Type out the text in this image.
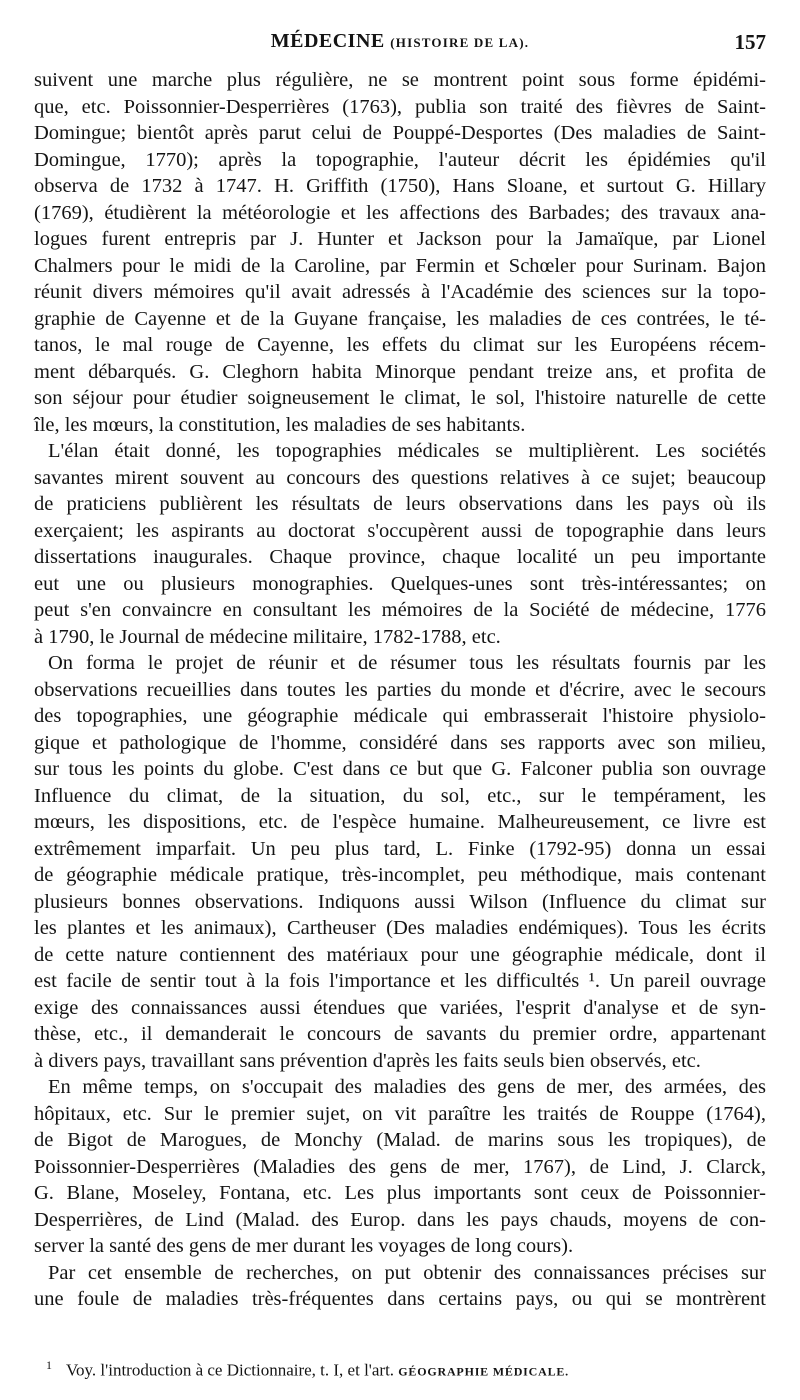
MÉDECINE (HISTOIRE DE LA).	157

suivent une marche plus régulière, ne se montrent point sous forme épidémi-
que, etc. Poissonnier-Desperrières (1763), publia son traité des fièvres de Saint-
Domingue; bientôt après parut celui de Pouppé-Desportes (Des maladies de Saint-
Domingue, 1770); après la topographie, l'auteur décrit les épidémies qu'il
observa de 1732 à 1747. H. Griffith (1750), Hans Sloane, et surtout G. Hillary
(1769), étudièrent la météorologie et les affections des Barbades; des travaux ana-
logues furent entrepris par J. Hunter et Jackson pour la Jamaïque, par Lionel
Chalmers pour le midi de la Caroline, par Fermin et Schœler pour Surinam. Bajon
réunit divers mémoires qu'il avait adressés à l'Académie des sciences sur la topo-
graphie de Cayenne et de la Guyane française, les maladies de ces contrées, le té-
tanos, le mal rouge de Cayenne, les effets du climat sur les Européens récem-
ment débarqués. G. Cleghorn habita Minorque pendant treize ans, et profita de
son séjour pour étudier soigneusement le climat, le sol, l'histoire naturelle de cette
île, les mœurs, la constitution, les maladies de ses habitants.

L'élan était donné, les topographies médicales se multiplièrent. Les sociétés
savantes mirent souvent au concours des questions relatives à ce sujet; beaucoup
de praticiens publièrent les résultats de leurs observations dans les pays où ils
exerçaient; les aspirants au doctorat s'occupèrent aussi de topographie dans leurs
dissertations inaugurales. Chaque province, chaque localité un peu importante
eut une ou plusieurs monographies. Quelques-unes sont très-intéressantes; on
peut s'en convaincre en consultant les mémoires de la Société de médecine, 1776
à 1790, le Journal de médecine militaire, 1782-1788, etc.

On forma le projet de réunir et de résumer tous les résultats fournis par les
observations recueillies dans toutes les parties du monde et d'écrire, avec le secours
des topographies, une géographie médicale qui embrasserait l'histoire physiolo-
gique et pathologique de l'homme, considéré dans ses rapports avec son milieu,
sur tous les points du globe. C'est dans ce but que G. Falconer publia son ouvrage
Influence du climat, de la situation, du sol, etc., sur le tempérament, les
mœurs, les dispositions, etc. de l'espèce humaine. Malheureusement, ce livre est
extrêmement imparfait. Un peu plus tard, L. Finke (1792-95) donna un essai
de géographie médicale pratique, très-incomplet, peu méthodique, mais contenant
plusieurs bonnes observations. Indiquons aussi Wilson (Influence du climat sur
les plantes et les animaux), Cartheuser (Des maladies endémiques). Tous les écrits
de cette nature contiennent des matériaux pour une géographie médicale, dont il
est facile de sentir tout à la fois l'importance et les difficultés ¹. Un pareil ouvrage
exige des connaissances aussi étendues que variées, l'esprit d'analyse et de syn-
thèse, etc., il demanderait le concours de savants du premier ordre, appartenant
à divers pays, travaillant sans prévention d'après les faits seuls bien observés, etc.

En même temps, on s'occupait des maladies des gens de mer, des armées, des
hôpitaux, etc. Sur le premier sujet, on vit paraître les traités de Rouppe (1764),
de Bigot de Marogues, de Monchy (Malad. de marins sous les tropiques), de
Poissonnier-Desperrières (Maladies des gens de mer, 1767), de Lind, J. Clarck,
G. Blane, Moseley, Fontana, etc. Les plus importants sont ceux de Poissonnier-
Desperrières, de Lind (Malad. des Europ. dans les pays chauds, moyens de con-
server la santé des gens de mer durant les voyages de long cours).

Par cet ensemble de recherches, on put obtenir des connaissances précises sur
une foule de maladies très-fréquentes dans certains pays, ou qui se montrèrent

$^1$ Voy. l'introduction à ce Dictionnaire, t. I, et l'art. GÉOGRAPHIE MÉDICALE.
